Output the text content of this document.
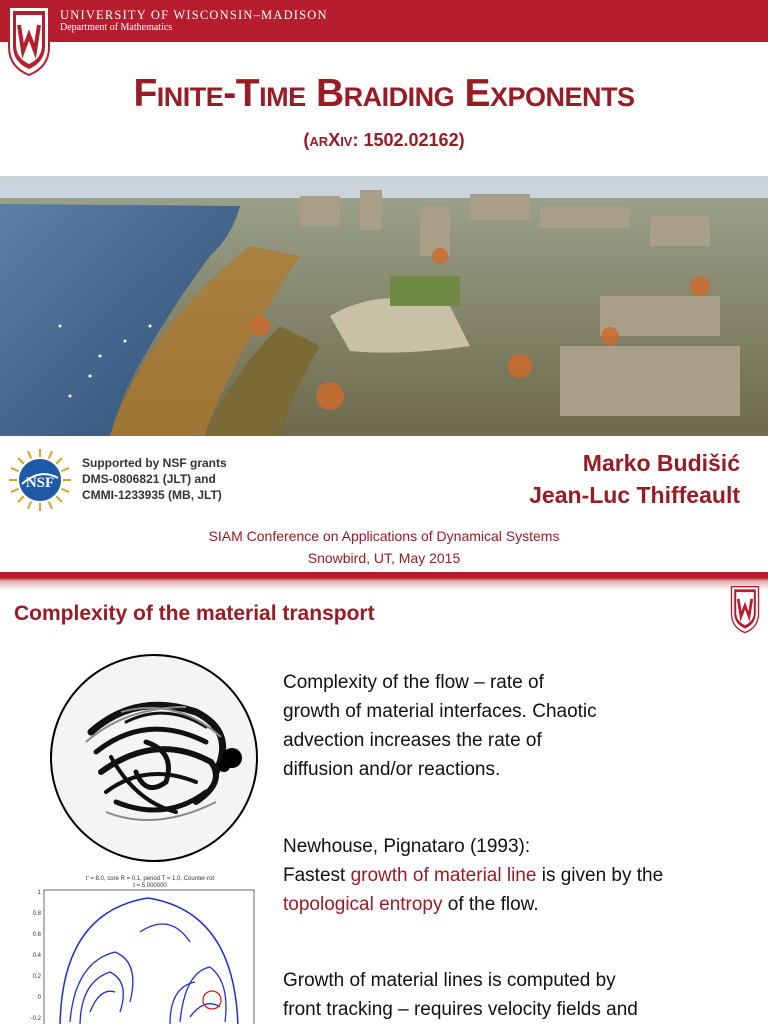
UNIVERSITY OF WISCONSIN–MADISON
Department of Mathematics
Finite-Time Braiding Exponents
(arXiv: 1502.02162)
NSF
Supported by NSF grants
DMS-0806821 (JLT) and
CMMI-1233935 (MB, JLT)
Marko Budišić
Jean-Luc Thiffeault
SIAM Conference on Applications of Dynamical Systems
Snowbird, UT, May 2015
Complexity of the material transport
t' = 8.0, core R = 0.1, period T = 1.0, Counter-rot
t = 5.000000
1
0.8
0.6
0.4
0.2
0
-0.2
Complexity of the flow – rate of
growth of material interfaces. Chaotic
advection increases the rate of
diffusion and/or reactions.
Newhouse, Pignataro (1993):
Fastest growth of material line is given by the
topological entropy of the flow.
Growth of material lines is computed by
front tracking – requires velocity fields and
